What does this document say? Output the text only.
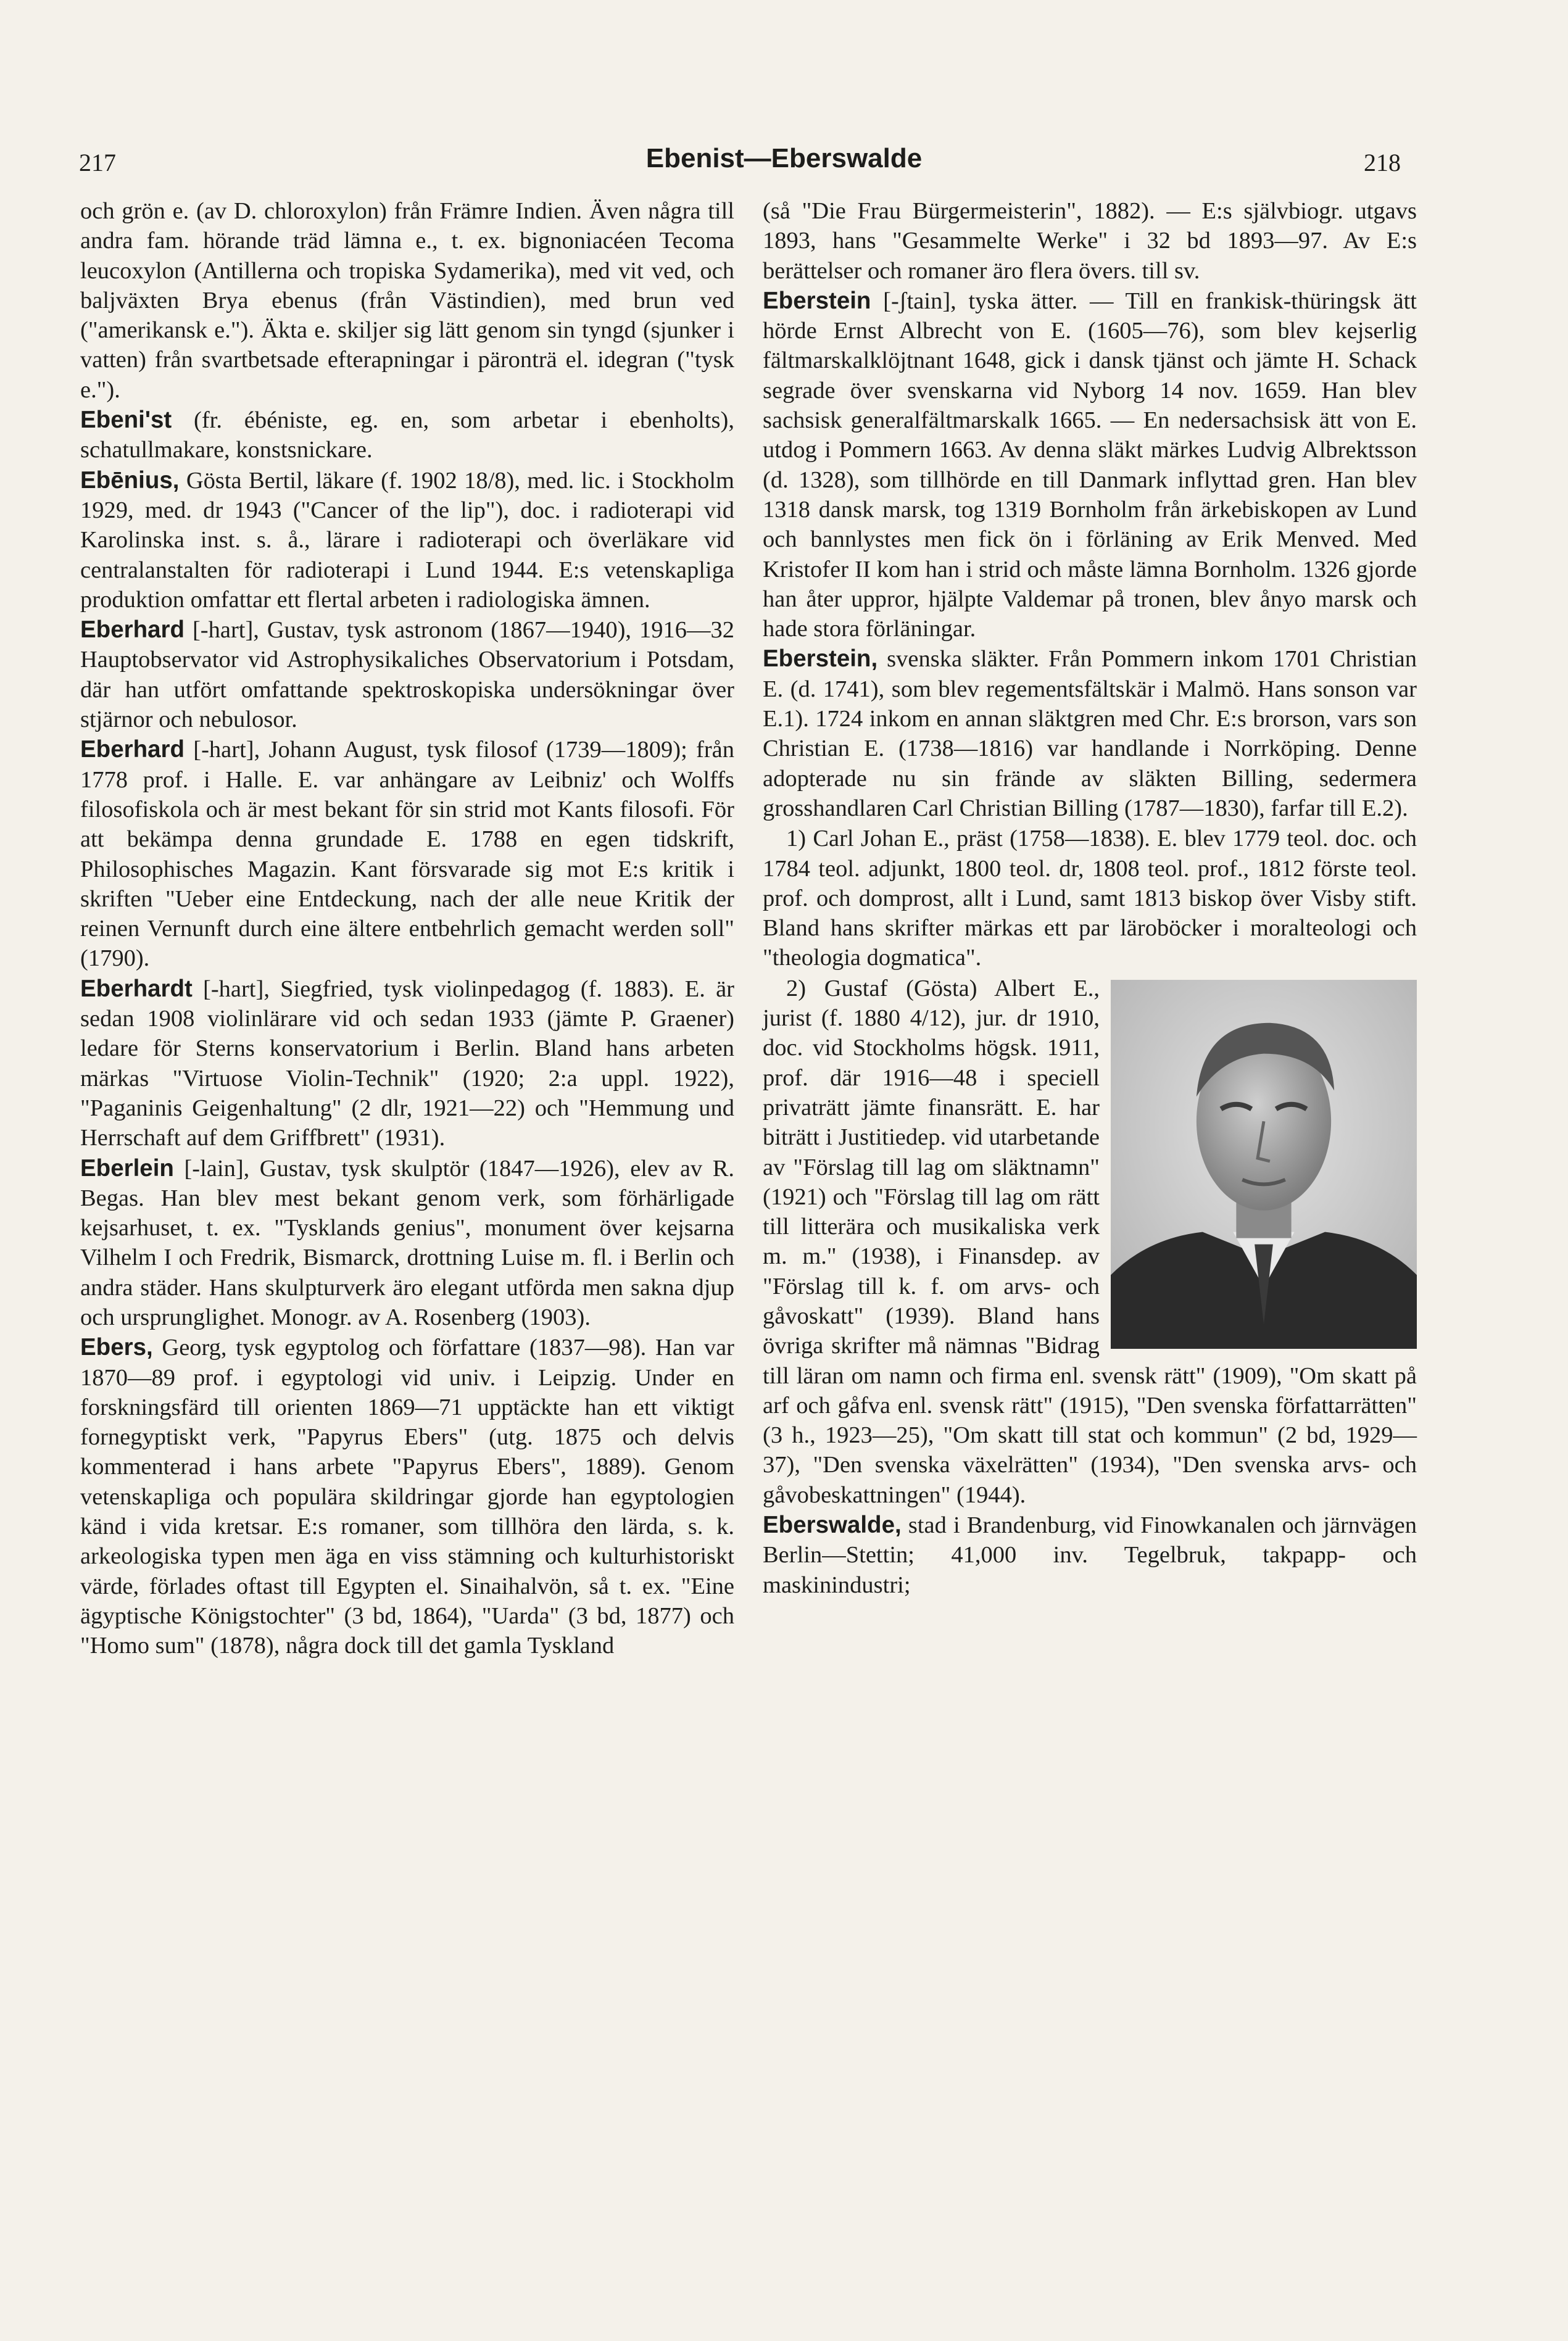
217	Ebenist—Eberswalde	218

och grön e. (av D. chloroxylon) från Främre Indien. Även några till andra fam. hörande träd lämna e., t. ex. bignoniacéen Tecoma leucoxylon (Antillerna och tropiska Sydamerika), med vit ved, och baljväxten Brya ebenus (från Västindien), med brun ved ("amerikansk e."). Äkta e. skiljer sig lätt genom sin tyngd (sjunker i vatten) från svartbetsade efterapningar i päronträ el. idegran ("tysk e.").

Ebeni'st (fr. ébéniste, eg. en, som arbetar i ebenholts), schatullmakare, konstsnickare.

Ebēnius, Gösta Bertil, läkare (f. 1902 18/8), med. lic. i Stockholm 1929, med. dr 1943 ("Cancer of the lip"), doc. i radioterapi vid Karolinska inst. s. å., lärare i radioterapi och överläkare vid centralanstalten för radioterapi i Lund 1944. E:s vetenskapliga produktion omfattar ett flertal arbeten i radiologiska ämnen.

Eberhard [-hart], Gustav, tysk astronom (1867—1940), 1916—32 Hauptobservator vid Astrophysikaliches Observatorium i Potsdam, där han utfört omfattande spektroskopiska undersökningar över stjärnor och nebulosor.

Eberhard [-hart], Johann August, tysk filosof (1739—1809); från 1778 prof. i Halle. E. var anhängare av Leibniz' och Wolffs filosofiskola och är mest bekant för sin strid mot Kants filosofi. För att bekämpa denna grundade E. 1788 en egen tidskrift, Philosophisches Magazin. Kant försvarade sig mot E:s kritik i skriften "Ueber eine Entdeckung, nach der alle neue Kritik der reinen Vernunft durch eine ältere entbehrlich gemacht werden soll" (1790).

Eberhardt [-hart], Siegfried, tysk violinpedagog (f. 1883). E. är sedan 1908 violinlärare vid och sedan 1933 (jämte P. Graener) ledare för Sterns konservatorium i Berlin. Bland hans arbeten märkas "Virtuose Violin-Technik" (1920; 2:a uppl. 1922), "Paganinis Geigenhaltung" (2 dlr, 1921—22) och "Hemmung und Herrschaft auf dem Griffbrett" (1931).

Eberlein [-lain], Gustav, tysk skulptör (1847—1926), elev av R. Begas. Han blev mest bekant genom verk, som förhärligade kejsarhuset, t. ex. "Tysklands genius", monument över kejsarna Vilhelm I och Fredrik, Bismarck, drottning Luise m. fl. i Berlin och andra städer. Hans skulpturverk äro elegant utförda men sakna djup och ursprunglighet. Monogr. av A. Rosenberg (1903).

Ebers, Georg, tysk egyptolog och författare (1837—98). Han var 1870—89 prof. i egyptologi vid univ. i Leipzig. Under en forskningsfärd till orienten 1869—71 upptäckte han ett viktigt fornegyptiskt verk, "Papyrus Ebers" (utg. 1875 och delvis kommenterad i hans arbete "Papyrus Ebers", 1889). Genom vetenskapliga och populära skildringar gjorde han egyptologien känd i vida kretsar. E:s romaner, som tillhöra den lärda, s. k. arkeologiska typen men äga en viss stämning och kulturhistoriskt värde, förlades oftast till Egypten el. Sinaihalvön, så t. ex. "Eine ägyptische Königstochter" (3 bd, 1864), "Uarda" (3 bd, 1877) och "Homo sum" (1878), några dock till det gamla Tyskland

(så "Die Frau Bürgermeisterin", 1882). — E:s självbiogr. utgavs 1893, hans "Gesammelte Werke" i 32 bd 1893—97. Av E:s berättelser och romaner äro flera övers. till sv.

Eberstein [-ʃtain], tyska ätter. — Till en frankisk-thüringsk ätt hörde Ernst Albrecht von E. (1605—76), som blev kejserlig fältmarskalklöjtnant 1648, gick i dansk tjänst och jämte H. Schack segrade över svenskarna vid Nyborg 14 nov. 1659. Han blev sachsisk generalfältmarskalk 1665. — En nedersachsisk ätt von E. utdog i Pommern 1663. Av denna släkt märkes Ludvig Albrektsson (d. 1328), som tillhörde en till Danmark inflyttad gren. Han blev 1318 dansk marsk, tog 1319 Bornholm från ärkebiskopen av Lund och bannlystes men fick ön i förläning av Erik Menved. Med Kristofer II kom han i strid och måste lämna Bornholm. 1326 gjorde han åter uppror, hjälpte Valdemar på tronen, blev ånyo marsk och hade stora förläningar.

Eberstein, svenska släkter. Från Pommern inkom 1701 Christian E. (d. 1741), som blev regementsfältskär i Malmö. Hans sonson var E.1). 1724 inkom en annan släktgren med Chr. E:s brorson, vars son Christian E. (1738—1816) var handlande i Norrköping. Denne adopterade nu sin frände av släkten Billing, sedermera grosshandlaren Carl Christian Billing (1787—1830), farfar till E.2).

1) Carl Johan E., präst (1758—1838). E. blev 1779 teol. doc. och 1784 teol. adjunkt, 1800 teol. dr, 1808 teol. prof., 1812 förste teol. prof. och domprost, allt i Lund, samt 1813 biskop över Visby stift. Bland hans skrifter märkas ett par läroböcker i moralteologi och "theologia dogmatica".

2) Gustaf (Gösta) Albert E., jurist (f. 1880 4/12), jur. dr 1910, doc. vid Stockholms högsk. 1911, prof. där 1916—48 i speciell privaträtt jämte finansrätt. E. har biträtt i Justitiedep. vid utarbetande av "Förslag till lag om släktnamn" (1921) och "Förslag till lag om rätt till litterära och musikaliska verk m. m." (1938), i Finansdep. av "Förslag till k. f. om arvs- och gåvoskatt" (1939). Bland hans övriga skrifter må nämnas "Bidrag till läran om namn och firma enl. svensk rätt" (1909), "Om skatt på arf och gåfva enl. svensk rätt" (1915), "Den svenska författarrätten" (3 h., 1923—25), "Om skatt till stat och kommun" (2 bd, 1929—37), "Den svenska växelrätten" (1934), "Den svenska arvs- och gåvobeskattningen" (1944).

Eberswalde, stad i Brandenburg, vid Finowkanalen och järnvägen Berlin—Stettin; 41,000 inv. Tegelbruk, takpapp- och maskinindustri;
